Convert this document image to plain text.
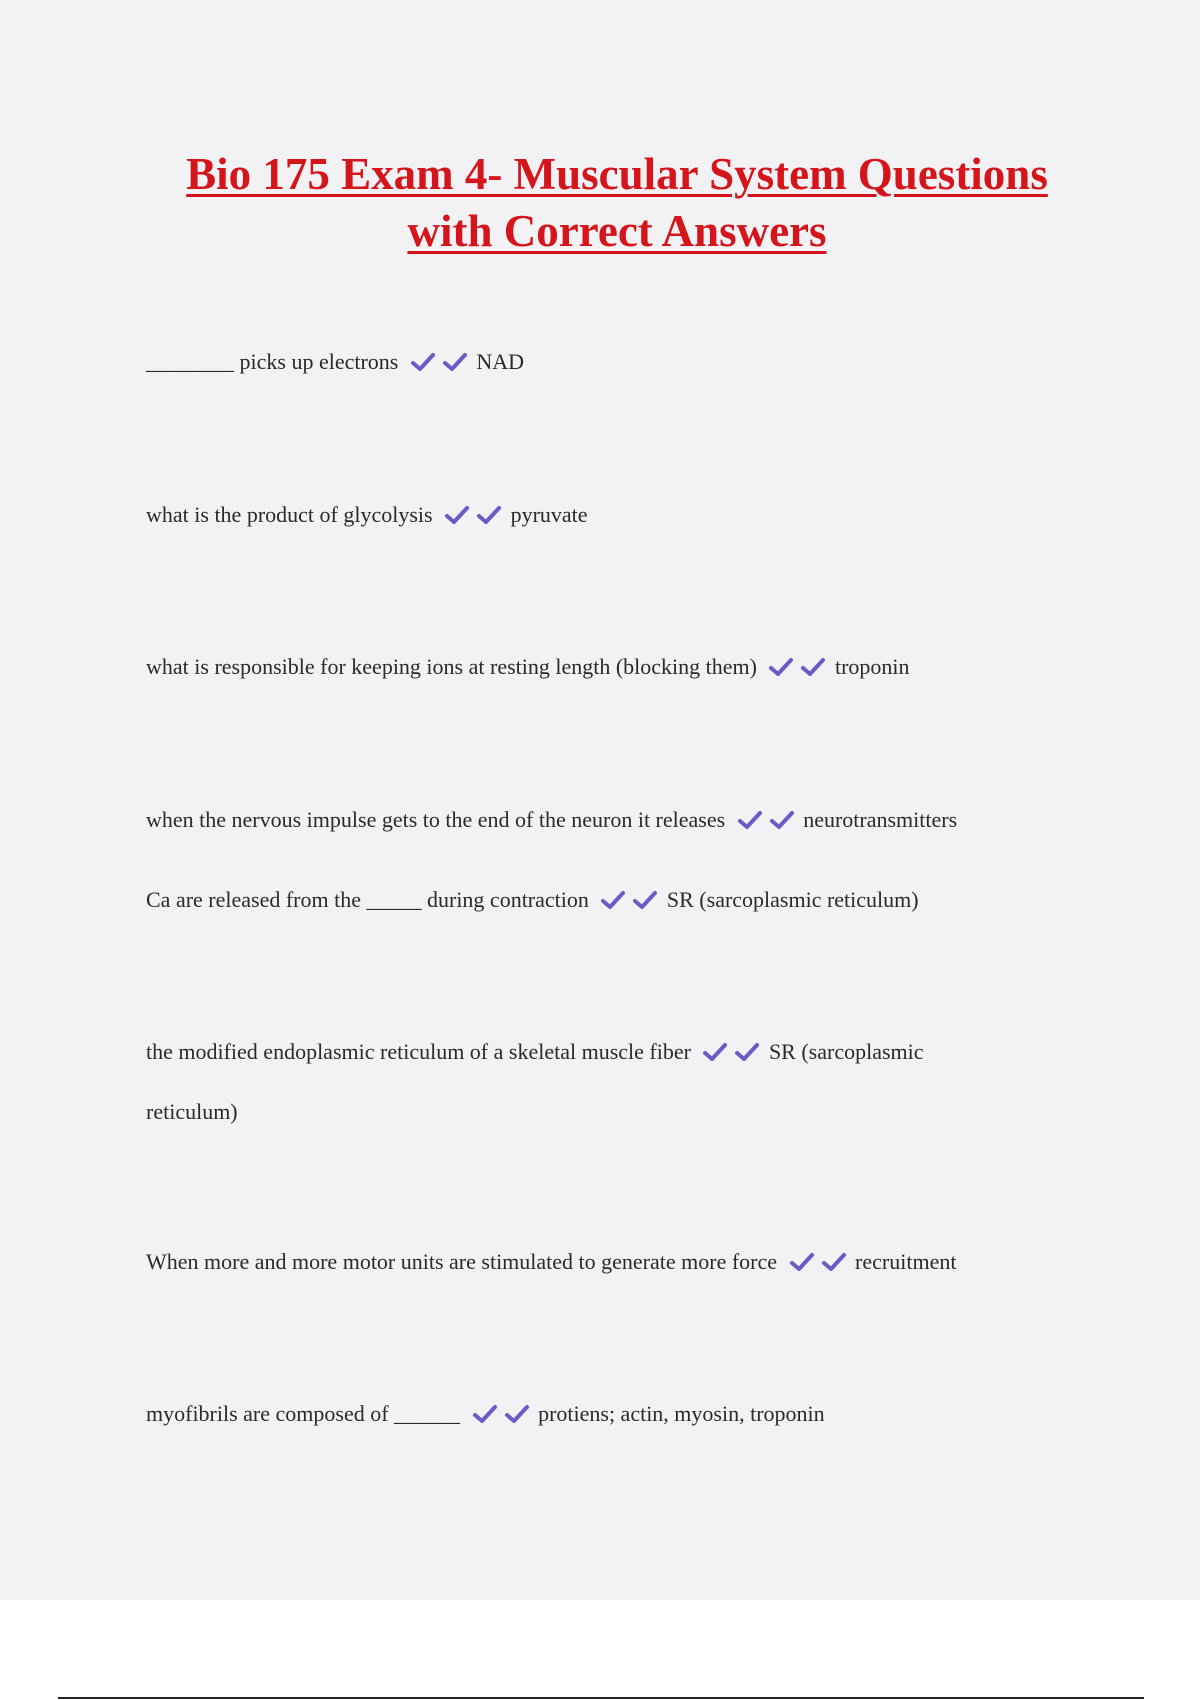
Bio 175 Exam 4- Muscular System Questions
with Correct Answers
________ picks up electrons	NAD
what is the product of glycolysis	pyruvate
what is responsible for keeping ions at resting length (blocking them)	troponin
when the nervous impulse gets to the end of the neuron it releases	neurotransmitters
Ca are released from the _____ during contraction	SR (sarcoplasmic reticulum)
the modified endoplasmic reticulum of a skeletal muscle fiber	SR (sarcoplasmic reticulum)
When more and more motor units are stimulated to generate more force	recruitment
myofibrils are composed of ______	protiens; actin, myosin, troponin
